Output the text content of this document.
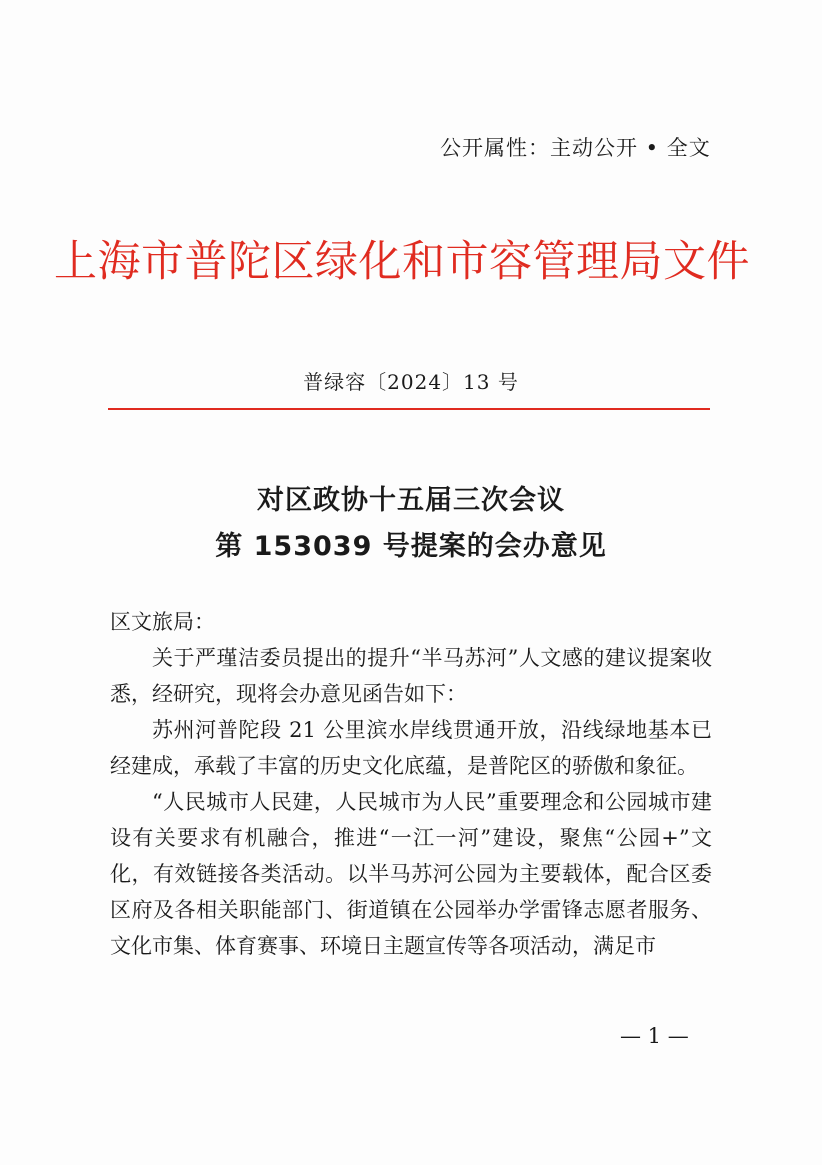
公开属性：主动公开 • 全文
上海市普陀区绿化和市容管理局文件
普绿容〔2024〕13 号
对区政协十五届三次会议
第 153039 号提案的会办意见

区文旅局：

关于严瑾洁委员提出的提升“半马苏河”人文感的建议提案收悉，经研究，现将会办意见函告如下：

苏州河普陀段 21 公里滨水岸线贯通开放，沿线绿地基本已经建成，承载了丰富的历史文化底蕴，是普陀区的骄傲和象征。

“人民城市人民建，人民城市为人民”重要理念和公园城市建设有关要求有机融合，推进“一江一河”建设，聚焦“公园+”文化，有效链接各类活动。以半马苏河公园为主要载体，配合区委区府及各相关职能部门、街道镇在公园举办学雷锋志愿者服务、文化市集、体育赛事、环境日主题宣传等各项活动，满足市

— 1 —
